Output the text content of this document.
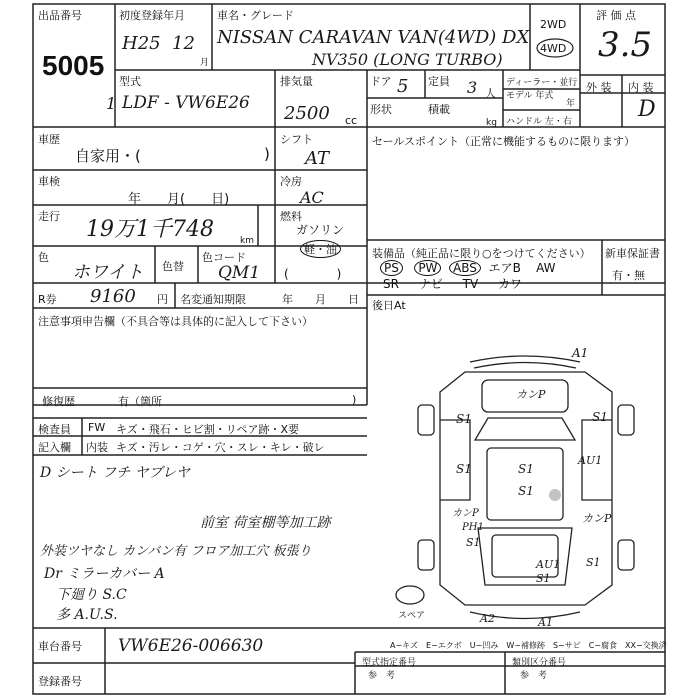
出品番号
5005
初度登録年月
H25 12
月
車名・グレード
NISSAN CARAVAN VAN(4WD) DX
NV350 (LONG TURBO)
2WD
4WD
評 価 点
3.5
外 装 内 装
D
型式
1 LDF - VW6E26
排気量
2500 cc
ドア 5 定員 3 人
形状	積載
kg
ディーラー・並行
モデル 年式
年
ハンドル 左・右
車歴
自家用・(	)
シフト
AT
車検
年　　月(　　日)
冷房
AC
走行
19万1千748	km
燃料
ガソリン
軽・油
色
ホワイト 色替
色コード
QM1 (　　　　)
セールスポイント（正常に機能するものに限ります）
装備品（純正品に限り○をつけてください）
PS PW ABS エアB AW
SR ナビ TV カワ
新車保証書
有・無
R券 9160 円 名変通知期限	年　　月　　日
注意事項申告欄（不具合等は具体的に記入して下さい）
後日At
修復歴	有（箇所	)
検査員
記入欄
FW キズ・飛石・ヒビ割・リペア跡・X要
内装 キズ・汚レ・コゲ・穴・スレ・キレ・破レ
D シート フチ ヤブレヤ
前室 荷室棚等加工跡
外装ツヤなし カンバン有 フロア加工穴 板張り
Dr ミラーカバー A
下廻り S.C
多 A.U.S.
A1
カンP
S1	S1
S1
AU1
S1
S1
カンP
PH1
S1
カンP
AU1
S1
S1
A2	A1
スペア
A−キズ　E−エクボ　U−凹み　W−補修跡　S−サビ　C−腐食　XX−交換済
車台番号 VW6E26-006630
登録番号
型式指定番号
参　考
類別区分番号
参　考
